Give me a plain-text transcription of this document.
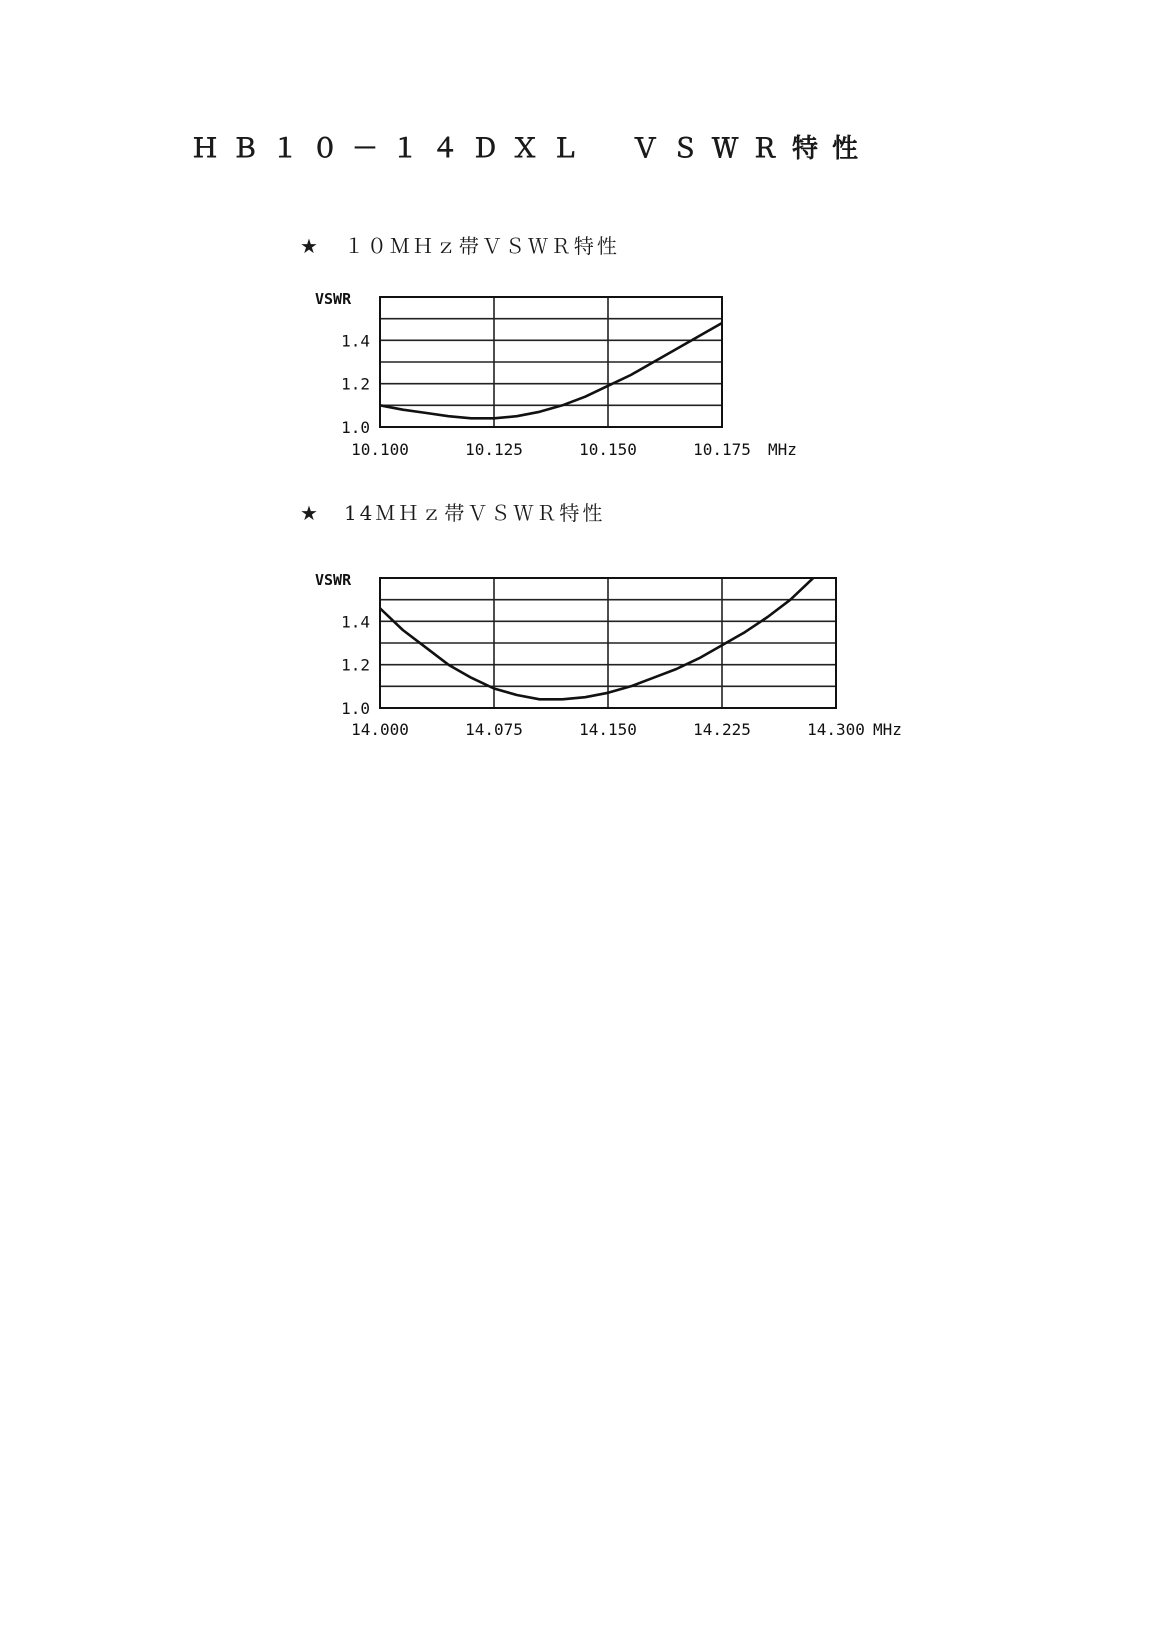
ＨＢ１０－１４ＤＸＬ　ＶＳＷＲ特性
★ １０ＭＨｚ帯ＶＳＷＲ特性
★ 14ＭＨｚ帯ＶＳＷＲ特性
VSWR
1.0
1.2
1.4
10.100	10.125	10.150	10.175 MHz
VSWR
1.0
1.2
1.4
14.000	14.075	14.150	14.225	14.300 MHz
